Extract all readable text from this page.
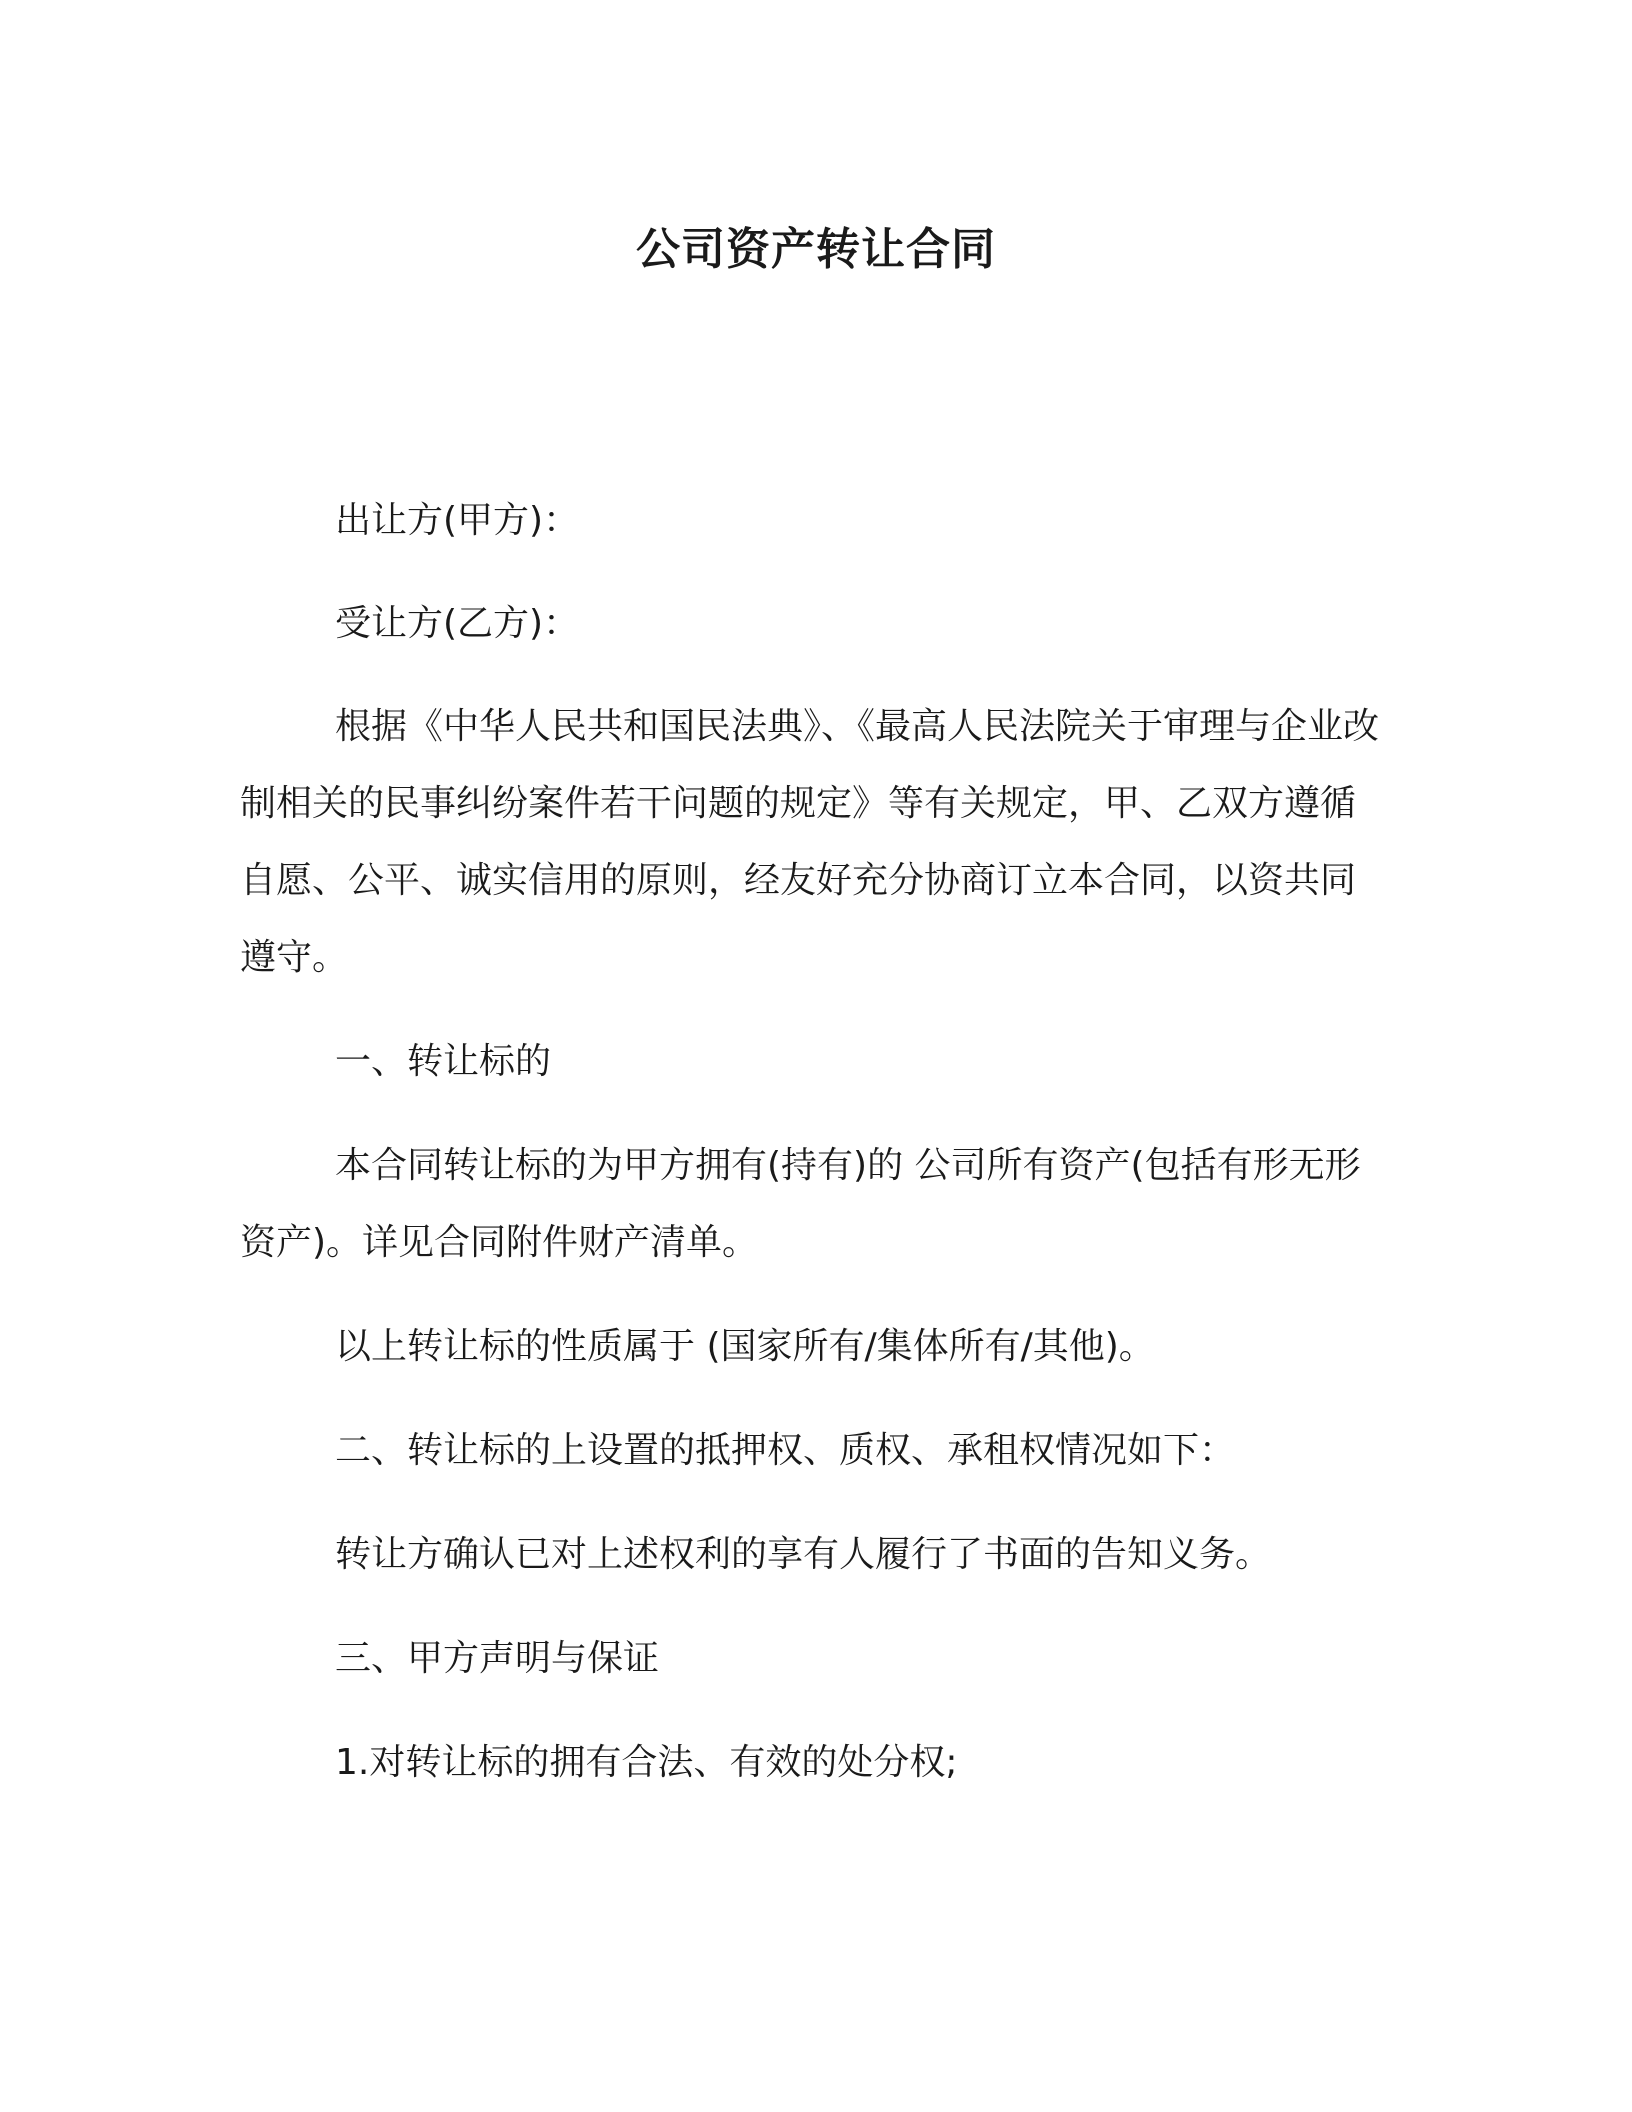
公司资产转让合同

出让方(甲方)：

受让方(乙方)：

根据《中华人民共和国民法典》、《最高人民法院关于审理与企业改制相关的民事纠纷案件若干问题的规定》等有关规定，甲、乙双方遵循自愿、公平、诚实信用的原则，经友好充分协商订立本合同，以资共同遵守。

一、转让标的

本合同转让标的为甲方拥有(持有)的 公司所有资产(包括有形无形资产)。详见合同附件财产清单。

以上转让标的性质属于 (国家所有/集体所有/其他)。

二、转让标的上设置的抵押权、质权、承租权情况如下：

转让方确认已对上述权利的享有人履行了书面的告知义务。

三、甲方声明与保证

1.对转让标的拥有合法、有效的处分权;
